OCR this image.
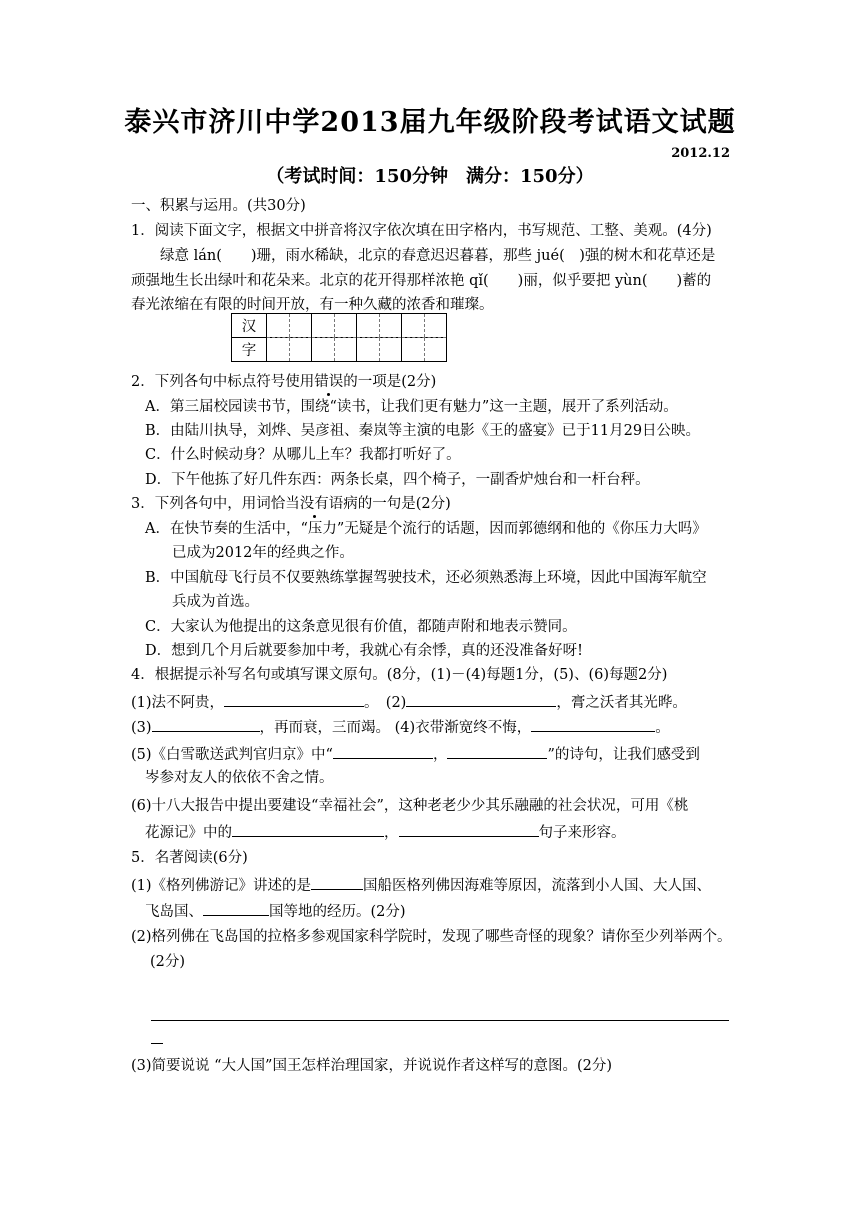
泰兴市济川中学2013届九年级阶段考试语文试题
2012.12
（考试时间：150分钟　满分：150分）
一、积累与运用。(共30分)
1．阅读下面文字，根据文中拼音将汉字依次填在田字格内，书写规范、工整、美观。(4分)
绿意 lán(　　)珊，雨水稀缺，北京的春意迟迟暮暮，那些 jué(　)强的树木和花草还是
顽强地生长出绿叶和花朵来。北京的花开得那样浓艳 qǐ(　　)丽，似乎要把 yùn(　　)蓄的
春光浓缩在有限的时间开放，有一种久藏的浓香和璀璨。
汉				
字				
2．下列各句中标点符号使用错误的一项是(2分)
A．第三届校园读书节，围绕“读书，让我们更有魅力”这一主题，展开了系列活动。
B．由陆川执导，刘烨、吴彦祖、秦岚等主演的电影《王的盛宴》已于11月29日公映。
C．什么时候动身？从哪儿上车？我都打听好了。
D．下午他拣了好几件东西：两条长桌，四个椅子，一副香炉烛台和一杆台秤。
3．下列各句中，用词恰当没有语病的一句是(2分)
A．在快节奏的生活中，“压力”无疑是个流行的话题，因而郭德纲和他的《你压力大吗》
已成为2012年的经典之作。
B．中国航母飞行员不仅要熟练掌握驾驶技术，还必须熟悉海上环境，因此中国海军航空
兵成为首选。
C．大家认为他提出的这条意见很有价值，都随声附和地表示赞同。
D．想到几个月后就要参加中考，我就心有余悸，真的还没准备好呀!
4．根据提示补写名句或填写课文原句。(8分，(1)－(4)每题1分，(5)、(6)每题2分)
(1)法不阿贵，	。　(2)	，膏之沃者其光晔。
(3)	，再而衰，三而竭。 (4)衣带渐宽终不悔，	。
(5)《白雪歌送武判官归京》中“	，	”的诗句，让我们感受到
岑参对友人的依依不舍之情。
(6)十八大报告中提出要建设“幸福社会”，这种老老少少其乐融融的社会状况，可用《桃
花源记》中的	，	句子来形容。
5．名著阅读(6分)
(1)《格列佛游记》讲述的是	国船医格列佛因海难等原因，流落到小人国、大人国、
飞岛国、	国等地的经历。(2分)
(2)格列佛在飞岛国的拉格多参观国家科学院时，发现了哪些奇怪的现象？请你至少列举两个。
(2分)
(3)简要说说 “大人国”国王怎样治理国家，并说说作者这样写的意图。(2分)
